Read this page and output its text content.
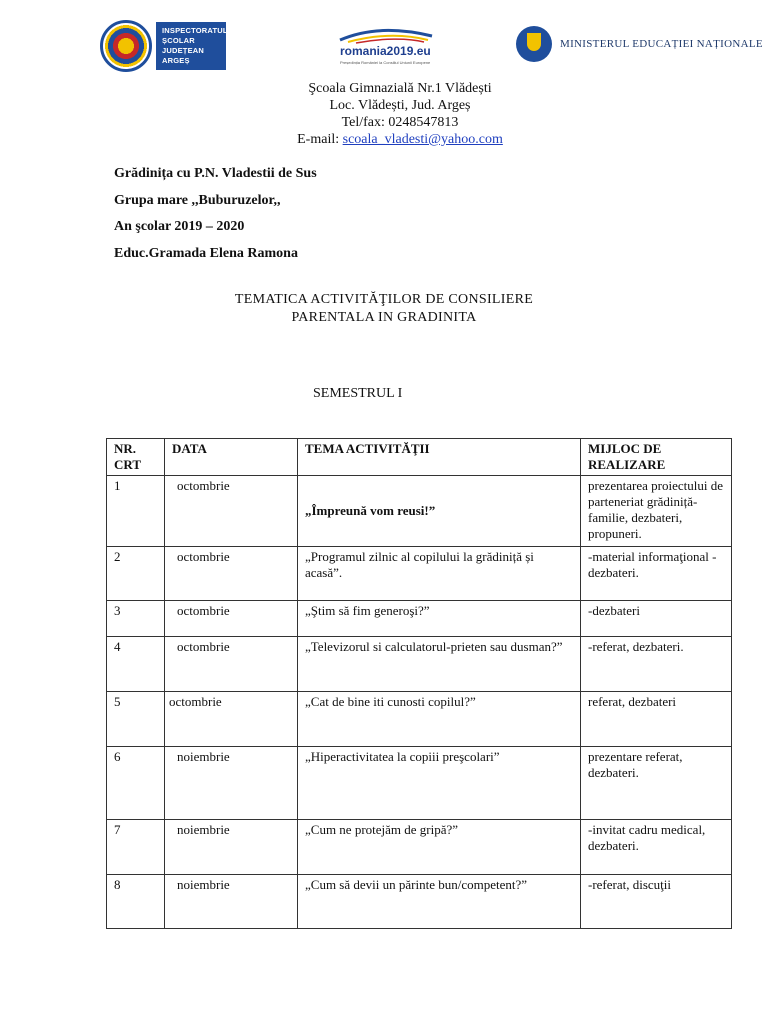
INSPECTORATUL ȘCOLAR JUDEȚEAN ARGEȘ
romania2019.eu
Președinția României la Consiliul Uniunii Europene
MINISTERUL EDUCAȚIEI NAȚIONALE
Şcoala Gimnazială Nr.1 Vlădești
Loc. Vlădești, Jud. Argeș
Tel/fax: 0248547813
E-mail: scoala_vladesti@yahoo.com
Grădinița cu P.N. Vladestii de Sus
Grupa mare ,,Buburuzelor,,
An şcolar 2019 – 2020
Educ.Gramada Elena Ramona
TEMATICA ACTIVITĂŢILOR DE CONSILIERE
PARENTALA IN GRADINITA
SEMESTRUL I
NR. CRT	DATA	TEMA ACTIVITĂŢII	MIJLOC DE REALIZARE
1	octombrie	„Împreună vom reusi!”	prezentarea proiectului de parteneriat grădiniță-familie, dezbateri, propuneri.
2	octombrie	„Programul zilnic al copilului la grădiniță și acasă”.	-material informaţional -dezbateri.
3	octombrie	„Ştim să fim generoşi?”	-dezbateri
4	octombrie	„Televizorul si calculatorul-prieten sau dusman?”	-referat, dezbateri.
5	octombrie	„Cat de bine iti cunosti copilul?”	referat, dezbateri
6	noiembrie	„Hiperactivitatea la copiii preşcolari”	prezentare referat, dezbateri.
7	noiembrie	„Cum ne protejăm de gripă?”	-invitat cadru medical, dezbateri.
8	noiembrie	„Cum să devii un părinte bun/competent?”	-referat, discuţii
